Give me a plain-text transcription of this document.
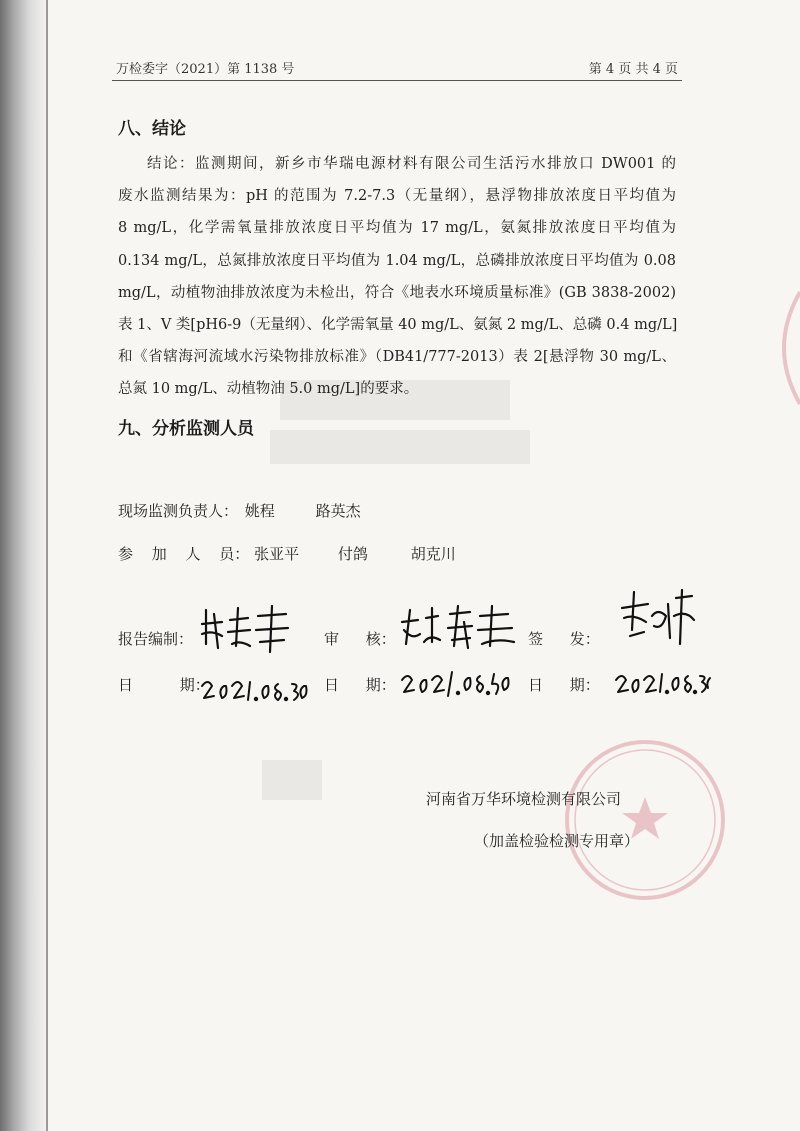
万检委字（2021）第 1138 号	第 4 页 共 4 页
八、结论
结论：监测期间，新乡市华瑞电源材料有限公司生活污水排放口 DW001 的
废水监测结果为：pH 的范围为 7.2-7.3（无量纲），悬浮物排放浓度日平均值为
8 mg/L，化学需氧量排放浓度日平均值为 17 mg/L，氨氮排放浓度日平均值为
0.134 mg/L，总氮排放浓度日平均值为 1.04 mg/L，总磷排放浓度日平均值为 0.08
mg/L，动植物油排放浓度为未检出，符合《地表水环境质量标准》(GB 3838-2002)
表 1、V 类[pH6-9（无量纲）、化学需氧量 40 mg/L、氨氮 2 mg/L、总磷 0.4 mg/L]
和《省辖海河流域水污染物排放标准》（DB41/777-2013）表 2[悬浮物 30 mg/L、
总氮 10 mg/L、动植物油 5.0 mg/L]的要求。
九、分析监测人员
现场监测负责人： 姚程	路英杰
参 加 人 员： 张亚平	付鸽	胡克川
报告编制：	审 核：	签 发：
日 期：	日 期：	日 期：
河南省万华环境检测有限公司
（加盖检验检测专用章）
